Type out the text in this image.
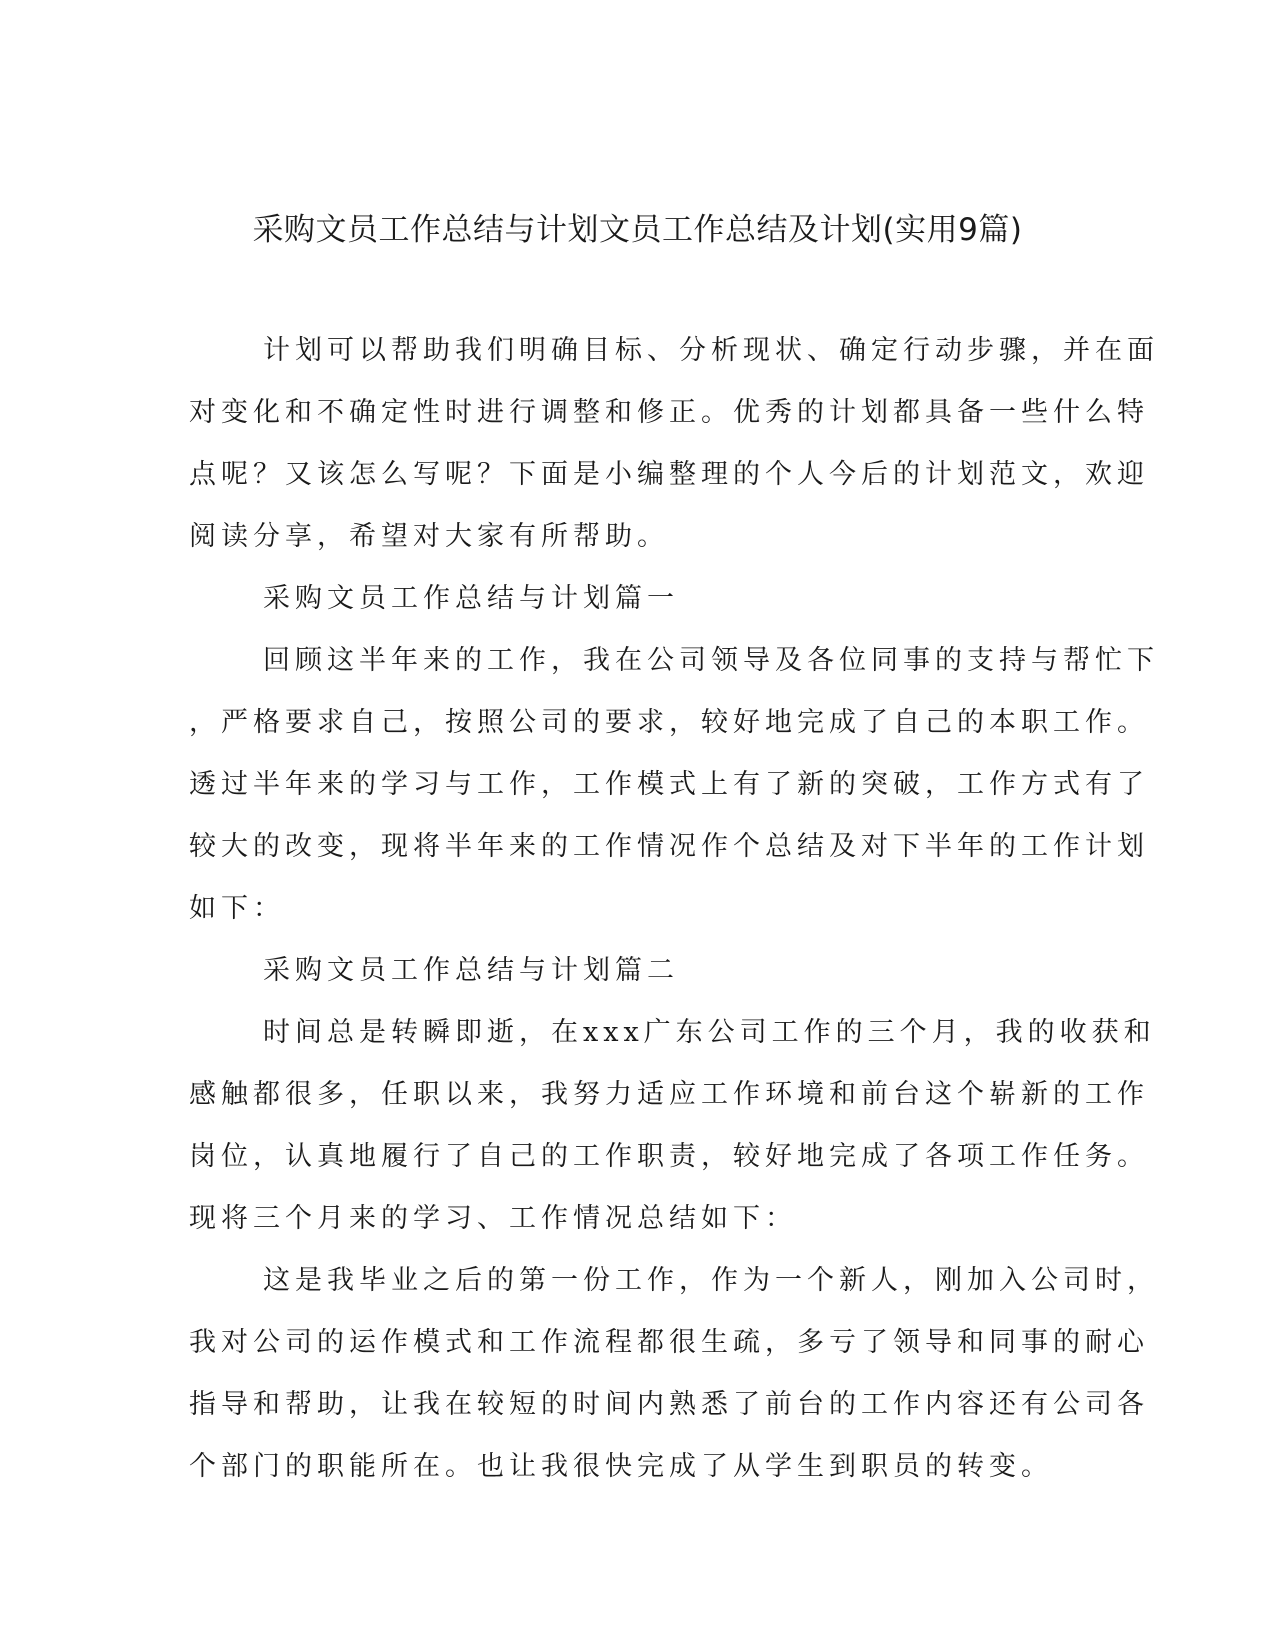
采购文员工作总结与计划文员工作总结及计划(实用9篇)

计划可以帮助我们明确目标、分析现状、确定行动步骤，并在面
对变化和不确定性时进行调整和修正。优秀的计划都具备一些什么特
点呢？又该怎么写呢？下面是小编整理的个人今后的计划范文，欢迎
阅读分享，希望对大家有所帮助。

采购文员工作总结与计划篇一

回顾这半年来的工作，我在公司领导及各位同事的支持与帮忙下
，严格要求自己，按照公司的要求，较好地完成了自己的本职工作。
透过半年来的学习与工作，工作模式上有了新的突破，工作方式有了
较大的改变，现将半年来的工作情况作个总结及对下半年的工作计划
如下：

采购文员工作总结与计划篇二

时间总是转瞬即逝，在xxx广东公司工作的三个月，我的收获和
感触都很多，任职以来，我努力适应工作环境和前台这个崭新的工作
岗位，认真地履行了自己的工作职责，较好地完成了各项工作任务。
现将三个月来的学习、工作情况总结如下：

这是我毕业之后的第一份工作，作为一个新人，刚加入公司时，
我对公司的运作模式和工作流程都很生疏，多亏了领导和同事的耐心
指导和帮助，让我在较短的时间内熟悉了前台的工作内容还有公司各
个部门的职能所在。也让我很快完成了从学生到职员的转变。
